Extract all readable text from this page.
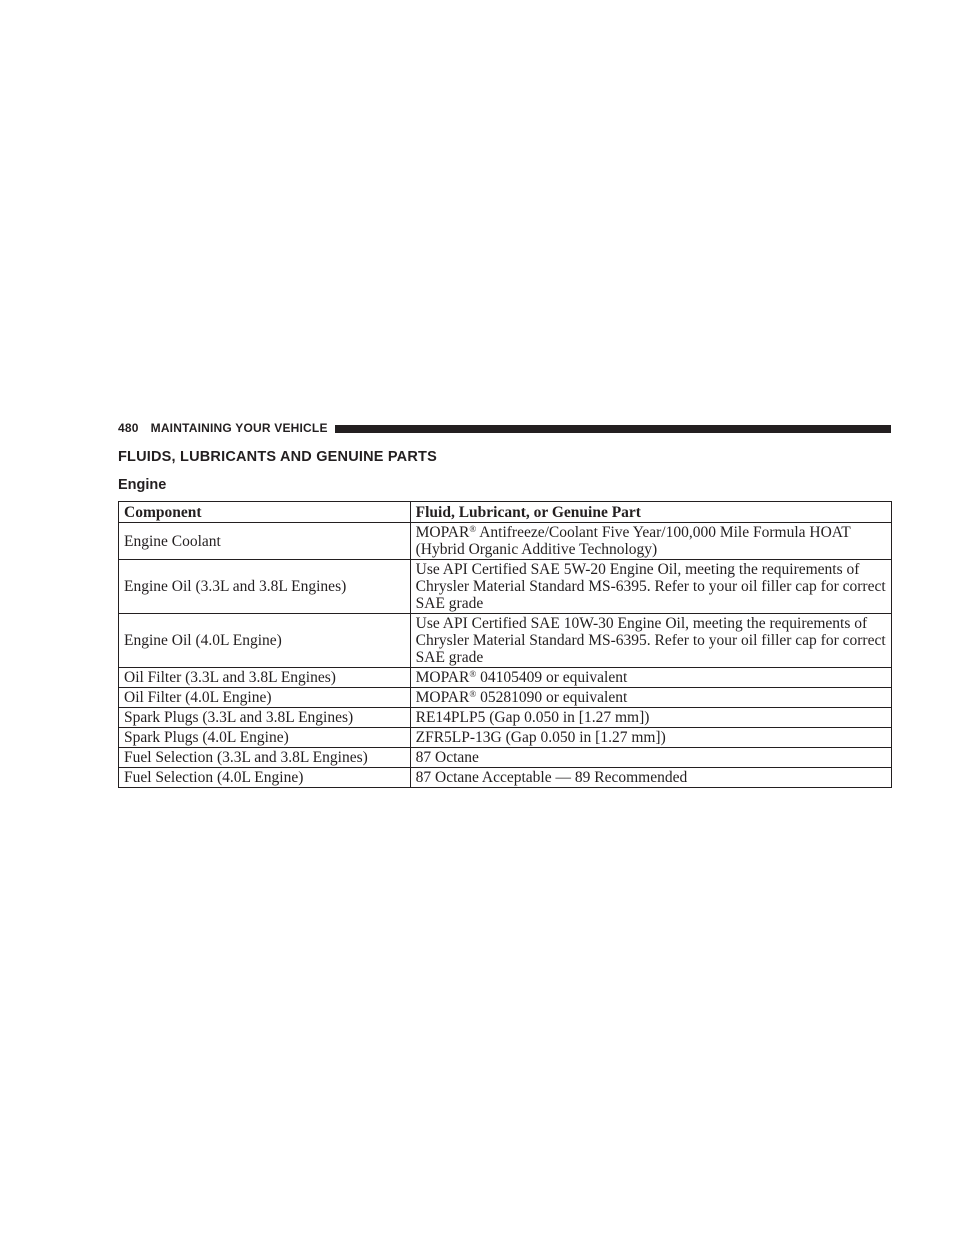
480 MAINTAINING YOUR VEHICLE
FLUIDS, LUBRICANTS AND GENUINE PARTS
Engine
Component	Fluid, Lubricant, or Genuine Part
Engine Coolant	MOPAR® Antifreeze/Coolant Five Year/100,000 Mile Formula HOAT (Hybrid Organic Additive Technology)
Engine Oil (3.3L and 3.8L Engines)	Use API Certified SAE 5W-20 Engine Oil, meeting the requirements of Chrysler Material Standard MS-6395. Refer to your oil filler cap for correct SAE grade
Engine Oil (4.0L Engine)	Use API Certified SAE 10W-30 Engine Oil, meeting the requirements of Chrysler Material Standard MS-6395. Refer to your oil filler cap for correct SAE grade
Oil Filter (3.3L and 3.8L Engines)	MOPAR® 04105409 or equivalent
Oil Filter (4.0L Engine)	MOPAR® 05281090 or equivalent
Spark Plugs (3.3L and 3.8L Engines)	RE14PLP5 (Gap 0.050 in [1.27 mm])
Spark Plugs (4.0L Engine)	ZFR5LP-13G (Gap 0.050 in [1.27 mm])
Fuel Selection (3.3L and 3.8L Engines)	87 Octane
Fuel Selection (4.0L Engine)	87 Octane Acceptable — 89 Recommended
